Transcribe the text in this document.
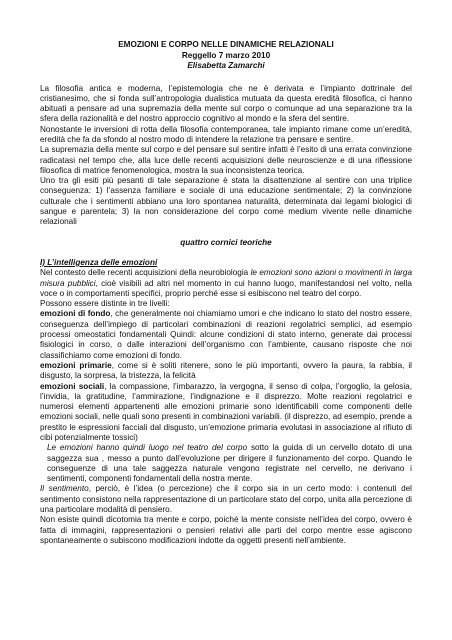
EMOZIONI E CORPO NELLE DINAMICHE RELAZIONALI
Reggello 7 marzo 2010
Elisabetta Zamarchi

La filosofia antica e moderna, l’epistemologia che ne è derivata e l’impianto dottrinale del cristianesimo, che si fonda sull’antropologia dualistica mutuata da questa eredità filosofica, ci hanno abituati a pensare ad una supremazia della mente sul corpo o comunque ad una separazione tra la sfera della razionalità e del nostro approccio cognitivo al mondo e la sfera del sentire.

Nonostante le inversioni di rotta della filosofia contemporanea, tale impianto rimane come un’eredità, eredità che fa da sfondo al nostro modo di intendere la relazione tra pensare e sentire.

La supremazia della mente sul corpo e del pensare sul sentire infatti è l’esito di una errata convinzione radicatasi nel tempo che, alla luce delle recenti acquisizioni delle neuroscienze e di una riflessione filosofica di matrice fenomenologica, mostra la sua inconsistenza teorica.

Uno tra gli esiti più pesanti di tale separazione è stata la disattenzione al sentire con una triplice conseguenza: 1) l’assenza familiare e sociale di una educazione sentimentale; 2) la convinzione culturale che i sentimenti abbiano una loro spontanea naturalità, determinata dai legami biologici di sangue e parentela; 3) la non considerazione del corpo come medium vivente nelle dinamiche relazionali

quattro cornici teoriche

I) L’intelligenza delle emozioni

Nel contesto delle recenti acquisizioni della neurobiologia le emozioni sono azioni o movimenti in larga misura pubblici, cioè visibili ad altri nel momento in cui hanno luogo, manifestandosi nel volto, nella voce o in comportamenti specifici, proprio perché esse si esibiscono nel teatro del corpo.

Possono essere distinte in tre livelli:

emozioni di fondo, che generalmente noi chiamiamo umori e che indicano lo stato del nostro essere, conseguenza dell’impiego di particolari combinazioni di reazioni regolatrici semplici, ad esempio processi omeostatici fondamentali Quindi: alcune condizioni di stato interno, generate dai processi fisiologici in corso, o dalle interazioni dell’organismo con l’ambiente, causano risposte che noi classifichiamo come emozioni di fondo.

emozioni primarie, come si è soliti ritenere, sono le più importanti, ovvero la paura, la rabbia, il disgusto, la sorpresa, la tristezza, la felicità

emozioni sociali, la compassione, l’imbarazzo, la vergogna, il senso di colpa, l’orgoglio, la gelosia, l’invidia, la gratitudine, l’ammirazione, l’indignazione e il disprezzo. Molte reazioni regolatrici e numerosi elementi appartenenti alle emozioni primarie sono identificabili come componenti delle emozioni sociali, nelle quali sono presenti in combinazioni variabili. (il disprezzo, ad esempio, prende a prestito le espressioni facciali dal disgusto, un’emozione primaria evolutasi in associazione al rifiuto di cibi potenzialmente tossici)

Le emozioni hanno quindi luogo nel teatro del corpo sotto la guida di un cervello dotato di una saggezza sua , messo a punto dall’evoluzione per dirigere il funzionamento del corpo. Quando le conseguenze di una tale saggezza naturale vengono registrate nel cervello, ne derivano i sentimenti, componenti fondamentali della nostra mente.

Il sentimento, perciò, è l’idea (o percezione) che il corpo sia in un certo modo: i contenuti del sentimento consistono nella rappresentazione di un particolare stato del corpo, unita alla percezione di una particolare modalità di pensiero.

Non esiste quindi dicotomia tra mente e corpo, poiché la mente consiste nell’idea del corpo, ovvero è fatta di immagini, rappresentazioni o pensieri relativi alle parti del corpo mentre esse agiscono spontaneamente o subiscono modificazioni indotte da oggetti presenti nell’ambiente.
